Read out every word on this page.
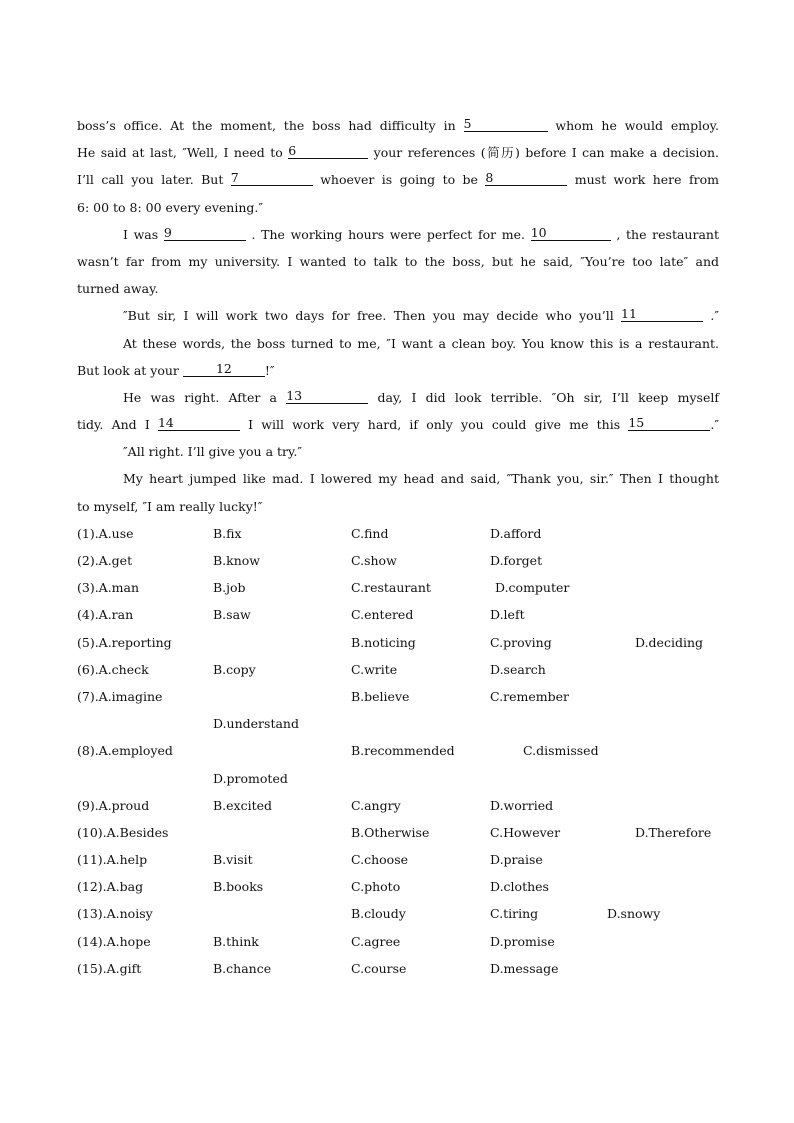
boss’s office. At the moment, the boss had difficulty in 5	whom he would employ.
He said at last, ″Well, I need to 6	your references (简历) before I can make a decision.
I’ll call you later. But 7	whoever is going to be 8	must work here from
6: 00 to 8: 00 every evening.″
I was 9	. The working hours were perfect for me. 10	, the restaurant
wasn’t far from my university. I wanted to talk to the boss, but he said, ″You’re too late″ and
turned away.
″But sir, I will work two days for free. Then you may decide who you’ll 11	.″
At these words, the boss turned to me, ″I want a clean boy. You know this is a restaurant.
But look at your	12	!″
He was right. After a 13	day, I did look terrible. ″Oh sir, I’ll keep myself
tidy. And I 14	I will work very hard, if only you could give me this 15	.″
″All right. I’ll give you a try.″
My heart jumped like mad. I lowered my head and said, ″Thank you, sir.″ Then I thought
to myself, ″I am really lucky!″
(1).A.use	B.fix	C.find	D.afford
(2).A.get	B.know	C.show	D.forget
(3).A.man	B.job	C.restaurant	D.computer
(4).A.ran	B.saw	C.entered	D.left
(5).A.reporting	B.noticing	C.proving	D.deciding
(6).A.check	B.copy	C.write	D.search
(7).A.imagine	B.believe	C.remember
D.understand
(8).A.employed	B.recommended	C.dismissed
D.promoted
(9).A.proud	B.excited	C.angry	D.worried
(10).A.Besides	B.Otherwise	C.However	D.Therefore
(11).A.help	B.visit	C.choose	D.praise
(12).A.bag	B.books	C.photo	D.clothes
(13).A.noisy	B.cloudy	C.tiring	D.snowy
(14).A.hope	B.think	C.agree	D.promise
(15).A.gift	B.chance	C.course	D.message
